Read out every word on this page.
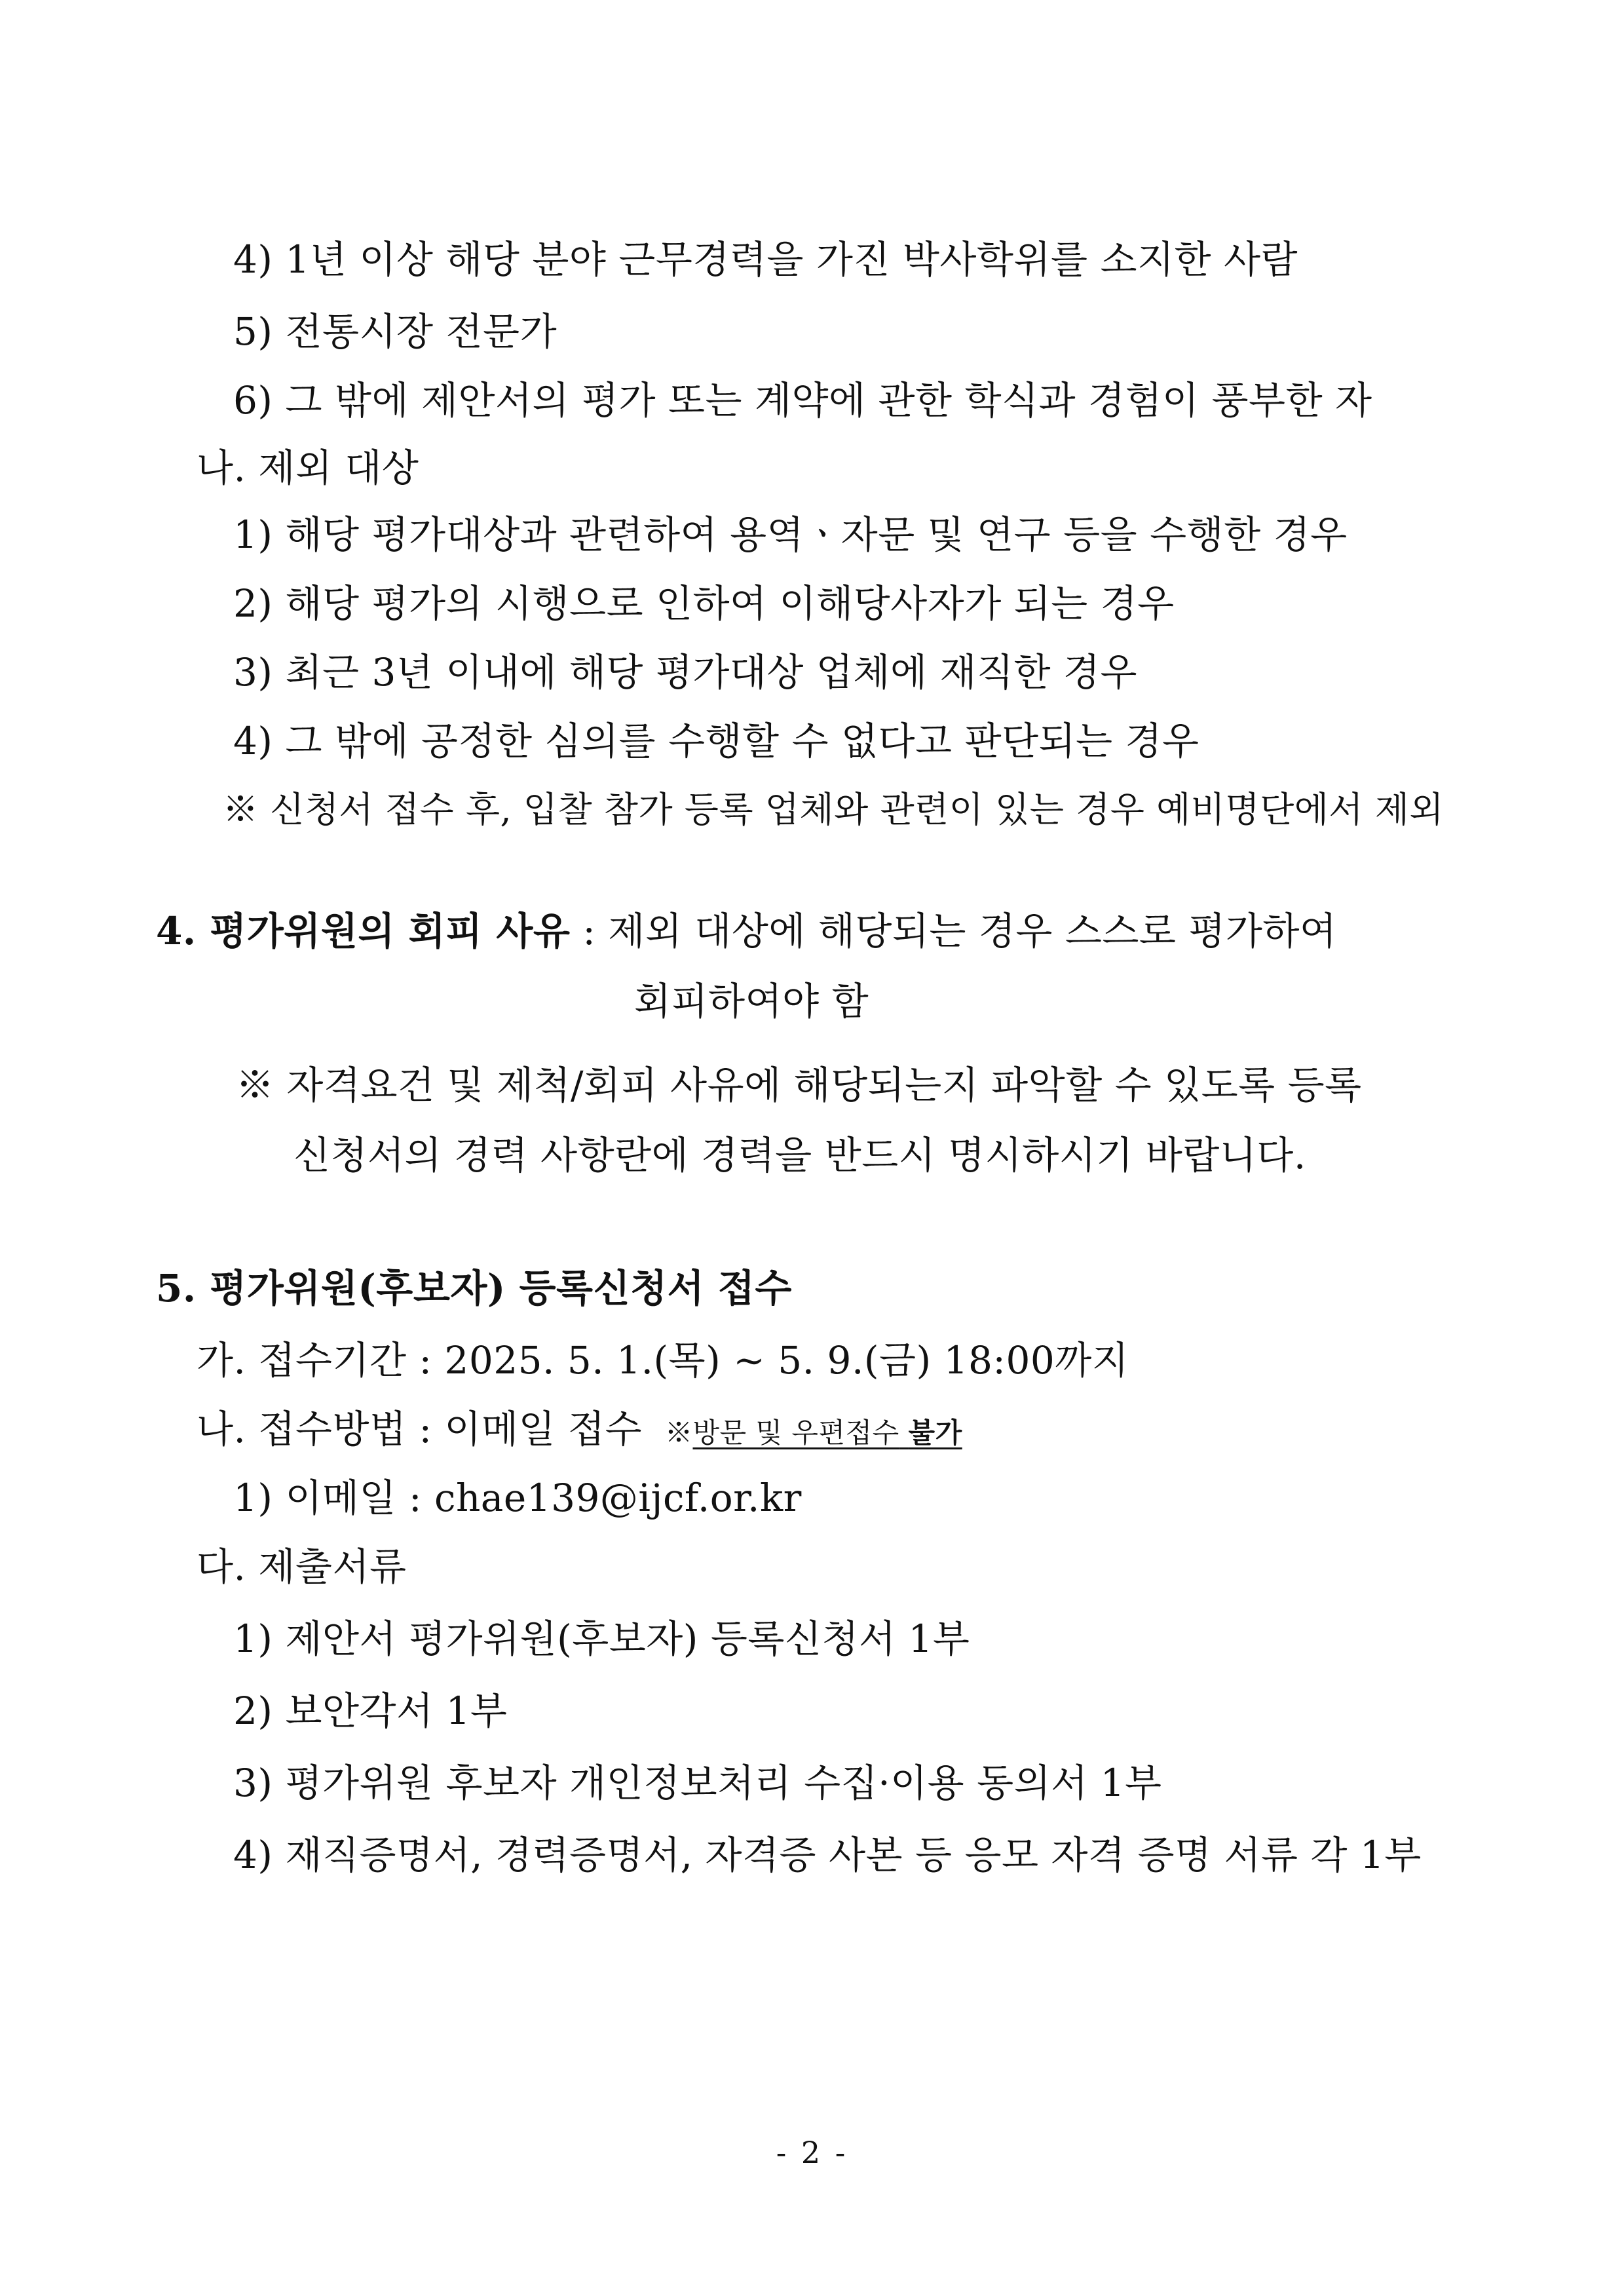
4) 1년 이상 해당 분야 근무경력을 가진 박사학위를 소지한 사람
5) 전통시장 전문가
6) 그 밖에 제안서의 평가 또는 계약에 관한 학식과 경험이 풍부한 자
나. 제외 대상
1) 해당 평가대상과 관련하여 용역ㆍ자문 및 연구 등을 수행한 경우
2) 해당 평가의 시행으로 인하여 이해당사자가 되는 경우
3) 최근 3년 이내에 해당 평가대상 업체에 재직한 경우
4) 그 밖에 공정한 심의를 수행할 수 없다고 판단되는 경우
※ 신청서 접수 후, 입찰 참가 등록 업체와 관련이 있는 경우 예비명단에서 제외
4. 평가위원의 회피 사유 : 제외 대상에 해당되는 경우 스스로 평가하여
회피하여야 함
※ 자격요건 및 제척/회피 사유에 해당되는지 파악할 수 있도록 등록
신청서의 경력 사항란에 경력을 반드시 명시하시기 바랍니다.
5. 평가위원(후보자) 등록신청서 접수
가. 접수기간 : 2025. 5. 1.(목) ∼ 5. 9.(금) 18:00까지
나. 접수방법 : 이메일 접수 ※방문 및 우편접수 불가
1) 이메일 : chae139@ijcf.or.kr
다. 제출서류
1) 제안서 평가위원(후보자) 등록신청서 1부
2) 보안각서 1부
3) 평가위원 후보자 개인정보처리 수집·이용 동의서 1부
4) 재직증명서, 경력증명서, 자격증 사본 등 응모 자격 증명 서류 각 1부
- 2 -
